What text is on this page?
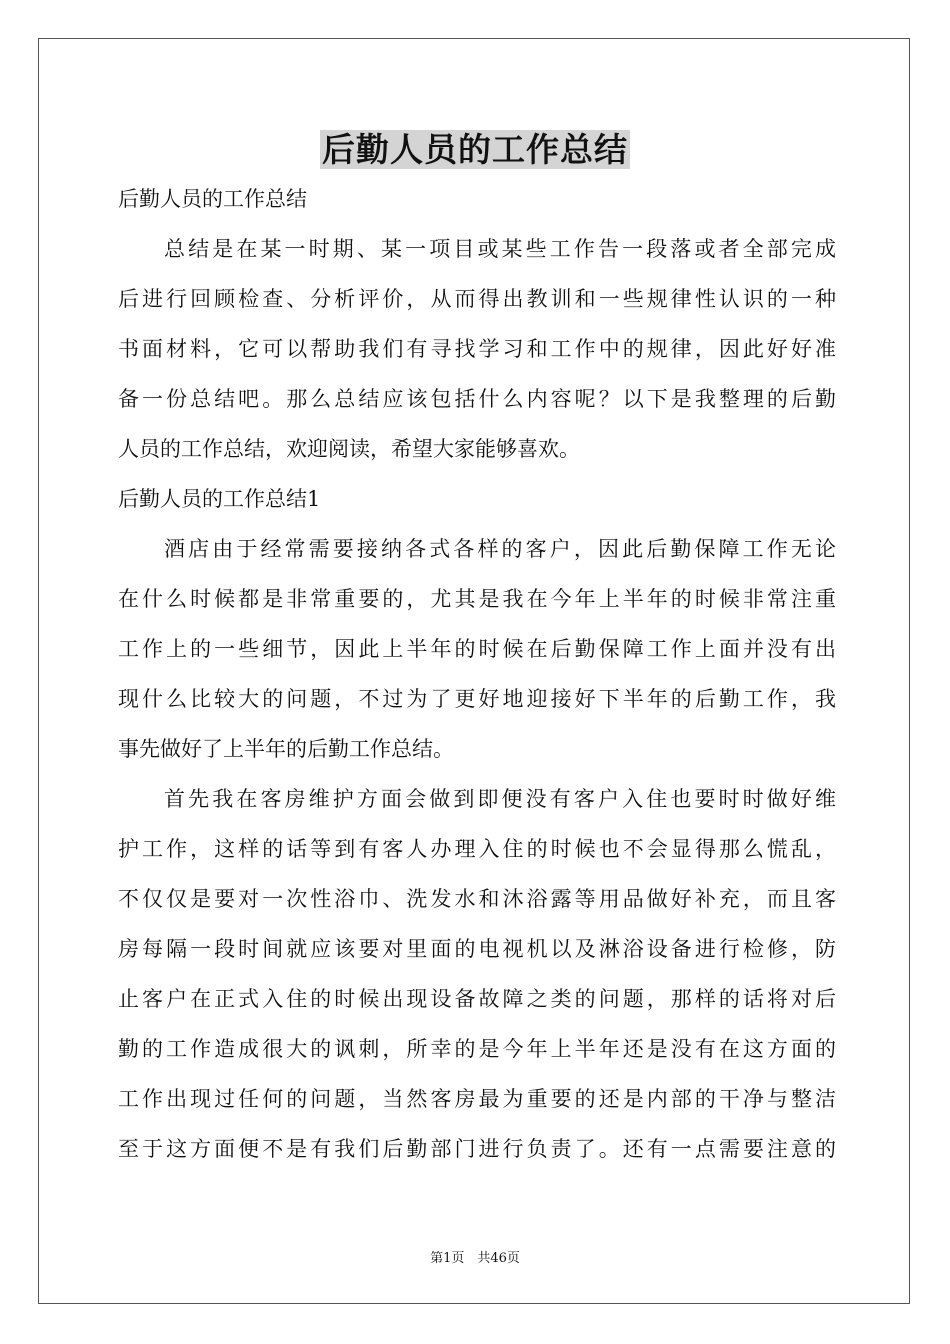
后勤人员的工作总结
后勤人员的工作总结
总结是在某一时期、某一项目或某些工作告一段落或者全部完成
后进行回顾检查、分析评价，从而得出教训和一些规律性认识的一种
书面材料，它可以帮助我们有寻找学习和工作中的规律，因此好好准
备一份总结吧。那么总结应该包括什么内容呢？以下是我整理的后勤
人员的工作总结，欢迎阅读，希望大家能够喜欢。
后勤人员的工作总结1
酒店由于经常需要接纳各式各样的客户，因此后勤保障工作无论
在什么时候都是非常重要的，尤其是我在今年上半年的时候非常注重
工作上的一些细节，因此上半年的时候在后勤保障工作上面并没有出
现什么比较大的问题，不过为了更好地迎接好下半年的后勤工作，我
事先做好了上半年的后勤工作总结。
首先我在客房维护方面会做到即便没有客户入住也要时时做好维
护工作，这样的话等到有客人办理入住的时候也不会显得那么慌乱，
不仅仅是要对一次性浴巾、洗发水和沐浴露等用品做好补充，而且客
房每隔一段时间就应该要对里面的电视机以及淋浴设备进行检修，防
止客户在正式入住的时候出现设备故障之类的问题，那样的话将对后
勤的工作造成很大的讽刺，所幸的是今年上半年还是没有在这方面的
工作出现过任何的问题，当然客房最为重要的还是内部的干净与整洁
至于这方面便不是有我们后勤部门进行负责了。还有一点需要注意的
第1页　共46页
